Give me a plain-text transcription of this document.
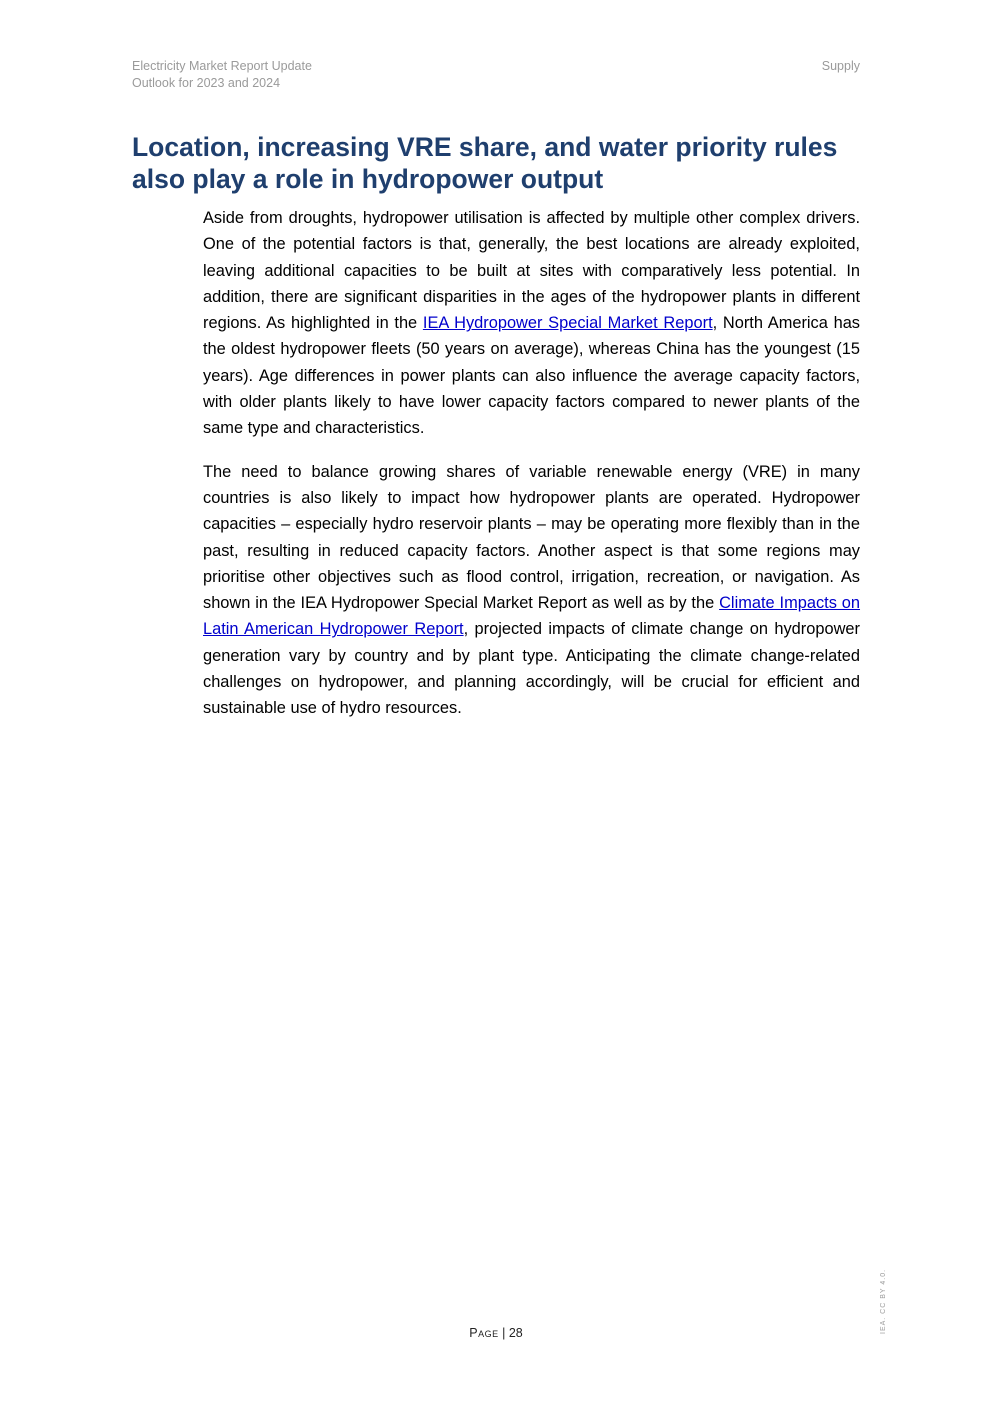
Electricity Market Report Update
Outlook for 2023 and 2024
Supply
Location, increasing VRE share, and water priority rules also play a role in hydropower output

Aside from droughts, hydropower utilisation is affected by multiple other complex drivers. One of the potential factors is that, generally, the best locations are already exploited, leaving additional capacities to be built at sites with comparatively less potential. In addition, there are significant disparities in the ages of the hydropower plants in different regions. As highlighted in the IEA Hydropower Special Market Report, North America has the oldest hydropower fleets (50 years on average), whereas China has the youngest (15 years). Age differences in power plants can also influence the average capacity factors, with older plants likely to have lower capacity factors compared to newer plants of the same type and characteristics.

The need to balance growing shares of variable renewable energy (VRE) in many countries is also likely to impact how hydropower plants are operated. Hydropower capacities – especially hydro reservoir plants – may be operating more flexibly than in the past, resulting in reduced capacity factors. Another aspect is that some regions may prioritise other objectives such as flood control, irrigation, recreation, or navigation. As shown in the IEA Hydropower Special Market Report as well as by the Climate Impacts on Latin American Hydropower Report, projected impacts of climate change on hydropower generation vary by country and by plant type. Anticipating the climate change-related challenges on hydropower, and planning accordingly, will be crucial for efficient and sustainable use of hydro resources.

Page | 28	IEA. CC BY 4.0.
